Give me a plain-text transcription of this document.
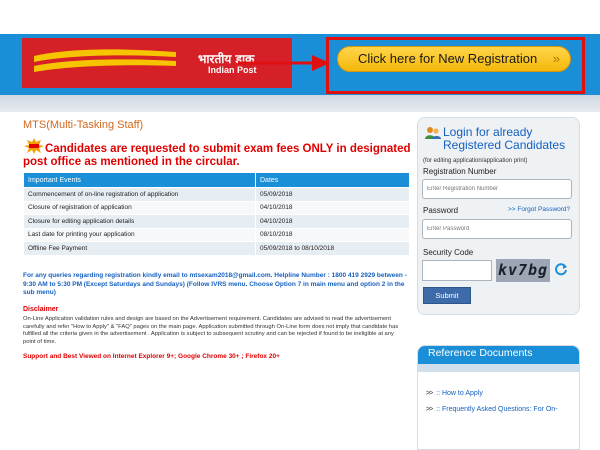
भारतीय डाक
Indian Post
Click here for New Registration »
MTS(Multi-Tasking Staff)
Candidates are requested to submit exam fees ONLY in designated post office as mentioned in the circular.
Important Events	Dates
Commencement of on-line registration of application	05/09/2018
Closure of registration of application	04/10/2018
Closure for editing application details	04/10/2018
Last date for printing your application	08/10/2018
Offline Fee Payment	05/09/2018 to 08/10/2018
For any queries regarding registration kindly email to mtsexam2018@gmail.com. Helpline Number : 1800 419 2929 between - 9:30 AM to 5:30 PM (Except Saturdays and Sundays) (Follow IVRS menu. Choose Option 7 in main menu and option 2 in the sub menu)
Disclaimer
On-Line Application validation rules and design are based on the Advertisement requirement. Candidates are advised to read the advertisement carefully and refer "How to Apply" & "FAQ" pages on the main page. Application submitted through On-Line form does not imply that candidate has fulfilled all the criteria given in the advertisement . Application is subject to subsequent scrutiny and can be rejected if found to be ineligible at any point of time.
Support and Best Viewed on Internet Explorer 9+; Google Chrome 30+ ; Firefox 20+
Login for already
Registered Candidates
(for editing application/application print)
Registration Number
Enter Registration Number
Password	>> Forgot Password?
Security Code
kv7bg
Submit
Reference Documents
>> :: How to Apply
>> :: Frequently Asked Questions: For On-
